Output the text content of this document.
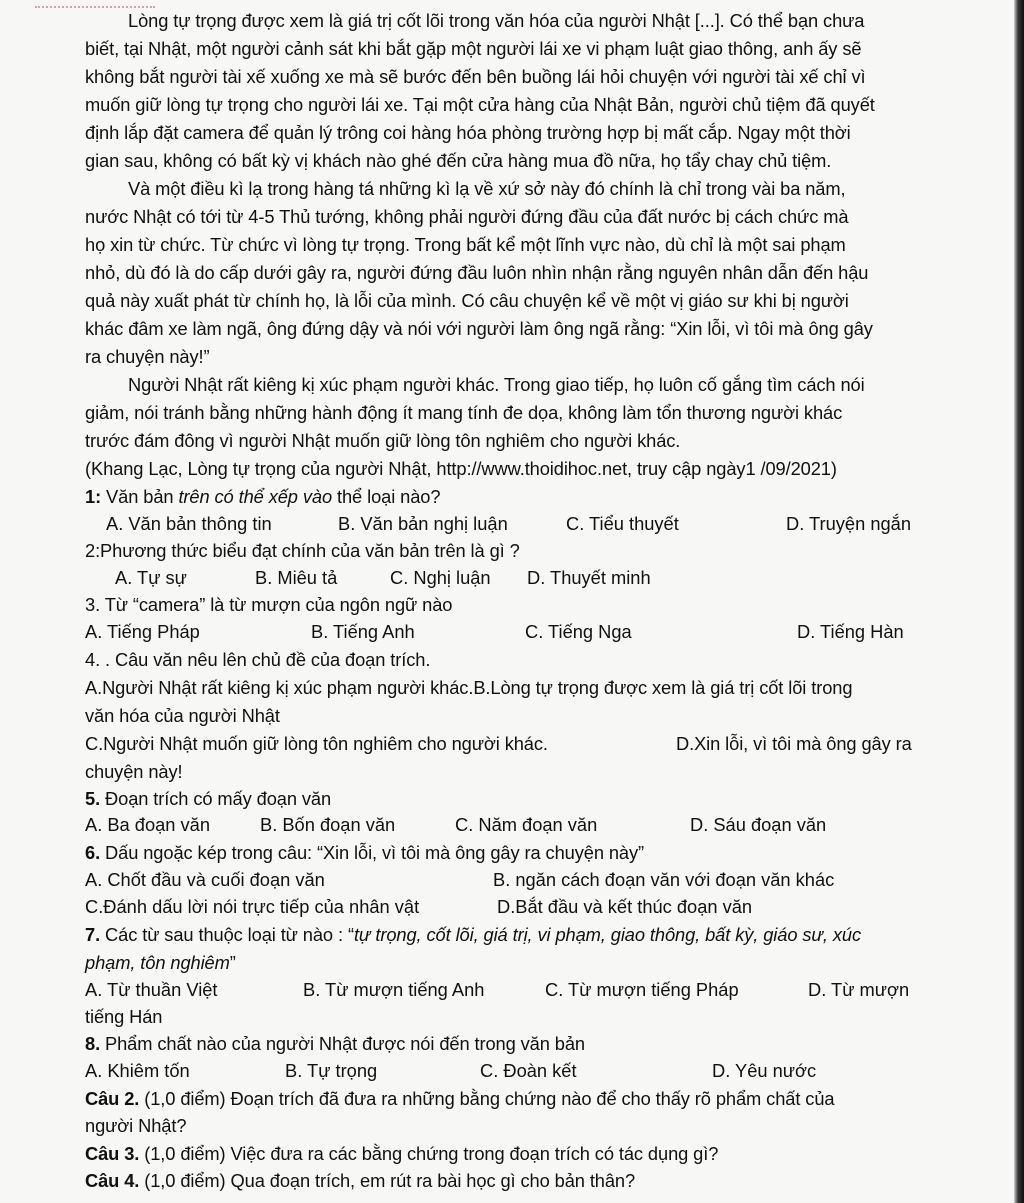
Lòng tự trọng được xem là giá trị cốt lõi trong văn hóa của người Nhật [...]. Có thể bạn chưa
biết, tại Nhật, một người cảnh sát khi bắt gặp một người lái xe vi phạm luật giao thông, anh ấy sẽ
không bắt người tài xế xuống xe mà sẽ bước đến bên buồng lái hỏi chuyện với người tài xế chỉ vì
muốn giữ lòng tự trọng cho người lái xe. Tại một cửa hàng của Nhật Bản, người chủ tiệm đã quyết
định lắp đặt camera để quản lý trông coi hàng hóa phòng trường hợp bị mất cắp. Ngay một thời
gian sau, không có bất kỳ vị khách nào ghé đến cửa hàng mua đồ nữa, họ tẩy chay chủ tiệm.
Và một điều kì lạ trong hàng tá những kì lạ về xứ sở này đó chính là chỉ trong vài ba năm,
nước Nhật có tới từ 4-5 Thủ tướng, không phải người đứng đầu của đất nước bị cách chức mà
họ xin từ chức. Từ chức vì lòng tự trọng. Trong bất kể một lĩnh vực nào, dù chỉ là một sai phạm
nhỏ, dù đó là do cấp dưới gây ra, người đứng đầu luôn nhìn nhận rằng nguyên nhân dẫn đến hậu
quả này xuất phát từ chính họ, là lỗi của mình. Có câu chuyện kể về một vị giáo sư khi bị người
khác đâm xe làm ngã, ông đứng dậy và nói với người làm ông ngã rằng: “Xin lỗi, vì tôi mà ông gây
ra chuyện này!”
Người Nhật rất kiêng kị xúc phạm người khác. Trong giao tiếp, họ luôn cố gắng tìm cách nói
giảm, nói tránh bằng những hành động ít mang tính đe dọa, không làm tổn thương người khác
trước đám đông vì người Nhật muốn giữ lòng tôn nghiêm cho người khác.
(Khang Lạc, Lòng tự trọng của người Nhật, http://www.thoidihoc.net, truy cập ngày1 /09/2021)
1: Văn bản trên có thể xếp vào thể loại nào?
A. Văn bản thông tin	B. Văn bản nghị luận	C. Tiểu thuyết	D. Truyện ngắn
2:Phương thức biểu đạt chính của văn bản trên là gì ?
A. Tự sự	B. Miêu tả	C. Nghị luận D. Thuyết minh
3. Từ “camera” là từ mượn của ngôn ngữ nào
A. Tiếng Pháp	B. Tiếng Anh	C. Tiếng Nga	D. Tiếng Hàn
4. . Câu văn nêu lên chủ đề của đoạn trích.
A.Người Nhật rất kiêng kị xúc phạm người khác.B.Lòng tự trọng được xem là giá trị cốt lõi trong
văn hóa của người Nhật
C.Người Nhật muốn giữ lòng tôn nghiêm cho người khác.	D.Xin lỗi, vì tôi mà ông gây ra
chuyện này!
5. Đoạn trích có mấy đoạn văn
A. Ba đoạn văn	B. Bốn đoạn văn	C. Năm đoạn văn	D. Sáu đoạn văn
6. Dấu ngoặc kép trong câu: “Xin lỗi, vì tôi mà ông gây ra chuyện này”
A. Chốt đầu và cuối đoạn văn	B. ngăn cách đoạn văn với đoạn văn khác
C.Đánh dấu lời nói trực tiếp của nhân vật	D.Bắt đầu và kết thúc đoạn văn
7. Các từ sau thuộc loại từ nào : “tự trọng, cốt lõi, giá trị, vi phạm, giao thông, bất kỳ, giáo sư, xúc
phạm, tôn nghiêm”
A. Từ thuần Việt	B. Từ mượn tiếng Anh	C. Từ mượn tiếng Pháp	D. Từ mượn
tiếng Hán
8. Phẩm chất nào của người Nhật được nói đến trong văn bản
A. Khiêm tốn	B. Tự trọng	C. Đoàn kết	D. Yêu nước
Câu 2. (1,0 điểm) Đoạn trích đã đưa ra những bằng chứng nào để cho thấy rõ phẩm chất của
người Nhật?
Câu 3. (1,0 điểm) Việc đưa ra các bằng chứng trong đoạn trích có tác dụng gì?
Câu 4. (1,0 điểm) Qua đoạn trích, em rút ra bài học gì cho bản thân?
